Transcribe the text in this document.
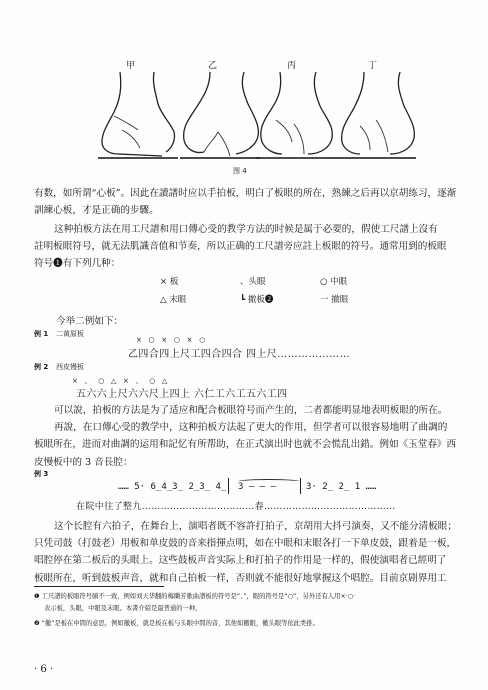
甲	乙	丙	丁
图 4
有数，如所谓“心板”。因此在讀譜时应以手拍板，明白了板眼的所在，熟練之后再以京胡练习，逐渐
訓練心板，才是正确的步驟。
这种拍板方法在用工尺譜和用口傳心受的教学方法的时候是属于必要的，假使工尺譜上沒有
註明板眼符号，就无法肌識音值和节奏，所以正确的工尺譜旁应註上板眼的符号。通常用到的板眼
符号❶有下列几种：
× 板	、头眼	○ 中眼
△ 末眼	┗ 撤板❷	一 撤眼
今举二例如下：
例 1 二黄原板
×   ○   ×   ○   ×   ○
乙四合四上尺工四合四合 四上尺…………………
例 2 西皮慢板
×   、   ○   △   ×   、   ○   △
五六六上尺六六尺上四上 六仁工六工五六工四
可以說，拍板的方法是为了适应和配合板眼符号而产生的，二者都能明显地表明板眼的所在。
再說，在口傳心受的教学中，这种拍板方法起了更大的作用，但学者可以很容易地明了曲調的
板眼所在，进而对曲調的运用和記忆有所帮助，在正式演出时也就不会慌乱出錯。例如《玉堂春》西
皮慢板中的 3 音長腔：
例 3
…… 5· 6̲4̲3̲ 2̲3̲ 4̲ 3 — — —	3· 2̲ 2̲ 1 ……
在院中往了整九………………………………春……………………………………
这个长腔有六拍子，在舞台上，演唱者既不容許打拍子，京胡用大抖弓演奏，又不能分清板眼；
只凭司鼓（打鼓老）用板和单皮鼓的音来指揮点明，如在中眼和末眼各打一下单皮鼓，跟着是一板，
唱腔停在第二板后的头眼上。这些鼓板声音实际上和打拍子的作用是一样的，假使演唱者已經明了
板眼所在，听到鼓板声音，就和自己拍板一样，否则就不能很好地掌握这个唱腔。目前京剧界用工
❶ 工尺譜的板眼符号頗不一致，例如刘天华翻的梅蘭芳歌曲譜板的符号是“、”，眼的符号是“○”，另外还有人用×·○·
表示板，头眼，中眼及末眼。本書介紹是最普通的一种。
❷ “撤”是板在中間的意思，例如撤板，就是板在板与头眼中間的音，其他如撤眼，撤头眼等依此类推。
· 6 ·
